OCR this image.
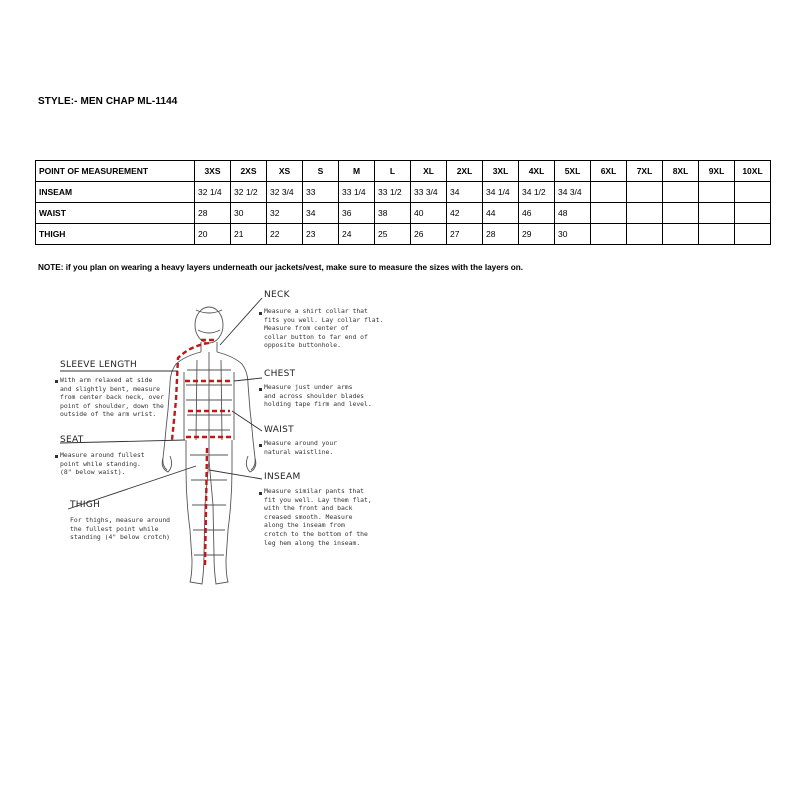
STYLE:- MEN CHAP ML-1144
POINT OF MEASUREMENT	3XS	2XS	XS	S	M	L	XL	2XL	3XL	4XL	5XL	6XL	7XL	8XL	9XL	10XL
INSEAM	32 1/4	32 1/2	32 3/4	33	33 1/4	33 1/2	33 3/4	34	34 1/4	34 1/2	34 3/4					
WAIST	28	30	32	34	36	38	40	42	44	46	48					
THIGH	20	21	22	23	24	25	26	27	28	29	30					
NOTE: if you plan on wearing a heavy layers underneath our jackets/vest, make sure to measure the sizes with the layers on.
NECK
Measure a shirt collar that
fits you well. Lay collar flat.
Measure from center of
collar button to far end of
opposite buttonhole.
CHEST
Measure just under arms
and across shoulder blades
holding tape firm and level.
WAIST
Measure around your
natural waistline.
INSEAM
Measure similar pants that
fit you well. Lay them flat,
with the front and back
creased smooth. Measure
along the inseam from
crotch to the bottom of the
leg hem along the inseam.
SLEEVE LENGTH
With arm relaxed at side
and slightly bent, measure
from center back neck, over
point of shoulder, down the
outside of the arm wrist.
SEAT
Measure around fullest
point while standing.
(8" below waist).
THIGH
For thighs, measure around
the fullest point while
standing (4" below crotch)
